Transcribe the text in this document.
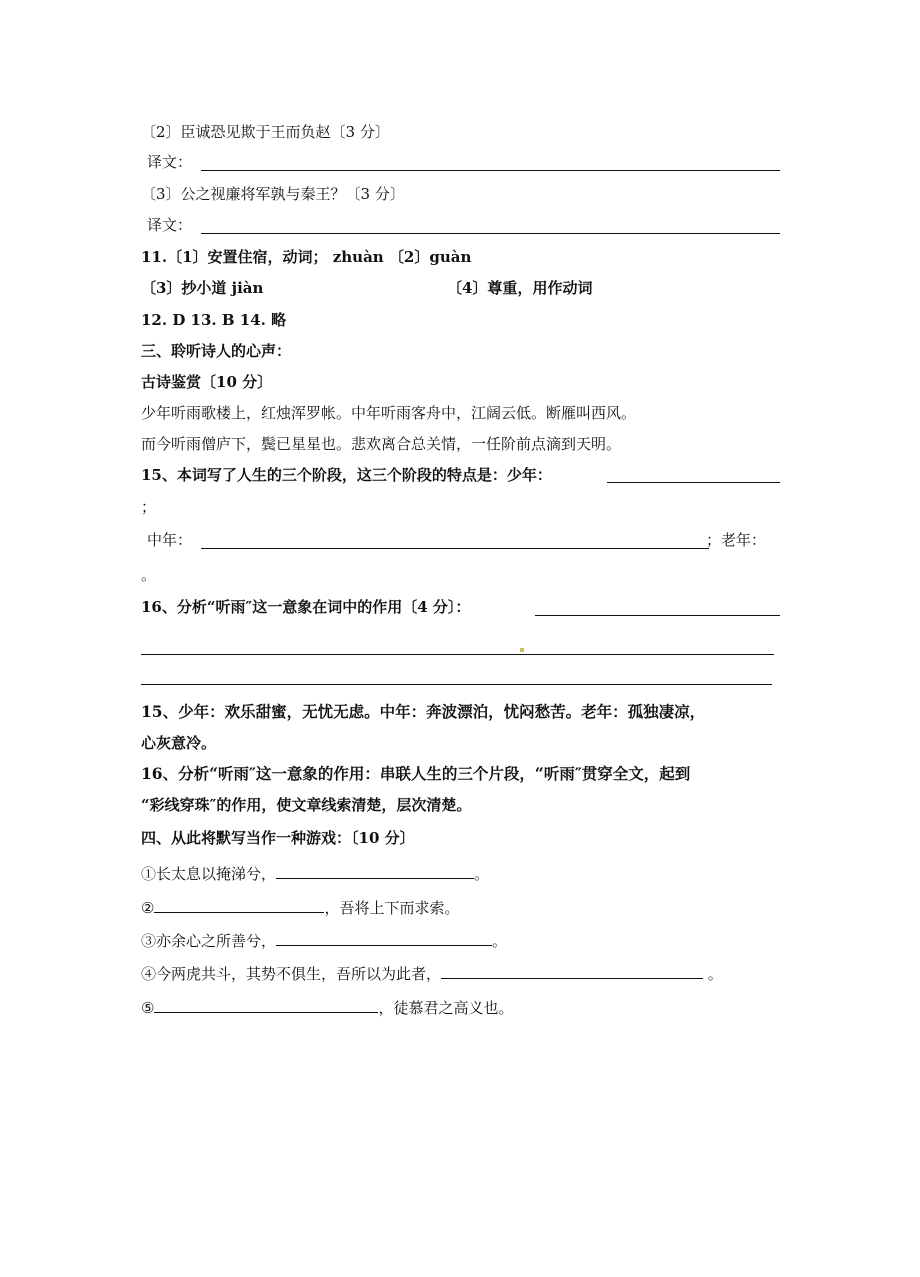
〔2〕臣诚恐见欺于王而负赵〔3 分〕
译文：
〔3〕公之视廉将军孰与秦王？〔3 分〕
译文：
11.〔1〕安置住宿，动词； zhuàn 〔2〕guàn
〔3〕抄小道 jiàn	〔4〕尊重，用作动词
12. D 13. B 14. 略
三、聆听诗人的心声：
古诗鉴赏〔10 分〕
少年听雨歌楼上，红烛浑罗帐。中年听雨客舟中，江阔云低。断雁叫西风。
而今听雨僧庐下，鬓已星星也。悲欢离合总关情，一任阶前点滴到天明。
15、本词写了人生的三个阶段，这三个阶段的特点是：少年：
；
中年：	；老年：
。
16、分析“听雨″这一意象在词中的作用〔4 分〕：
15、少年：欢乐甜蜜，无忧无虑。中年：奔波漂泊，忧闷愁苦。老年：孤独凄凉，
心灰意冷。
16、分析“听雨″这一意象的作用：串联人生的三个片段，“听雨″贯穿全文，起到
“彩线穿珠″的作用，使文章线索清楚，层次清楚。
四、从此将默写当作一种游戏：〔10 分〕
①长太息以掩涕兮，	。
②	，吾将上下而求索。
③亦余心之所善兮，	。
④今两虎共斗，其势不俱生，吾所以为此者，	。
⑤	，徒慕君之高义也。
